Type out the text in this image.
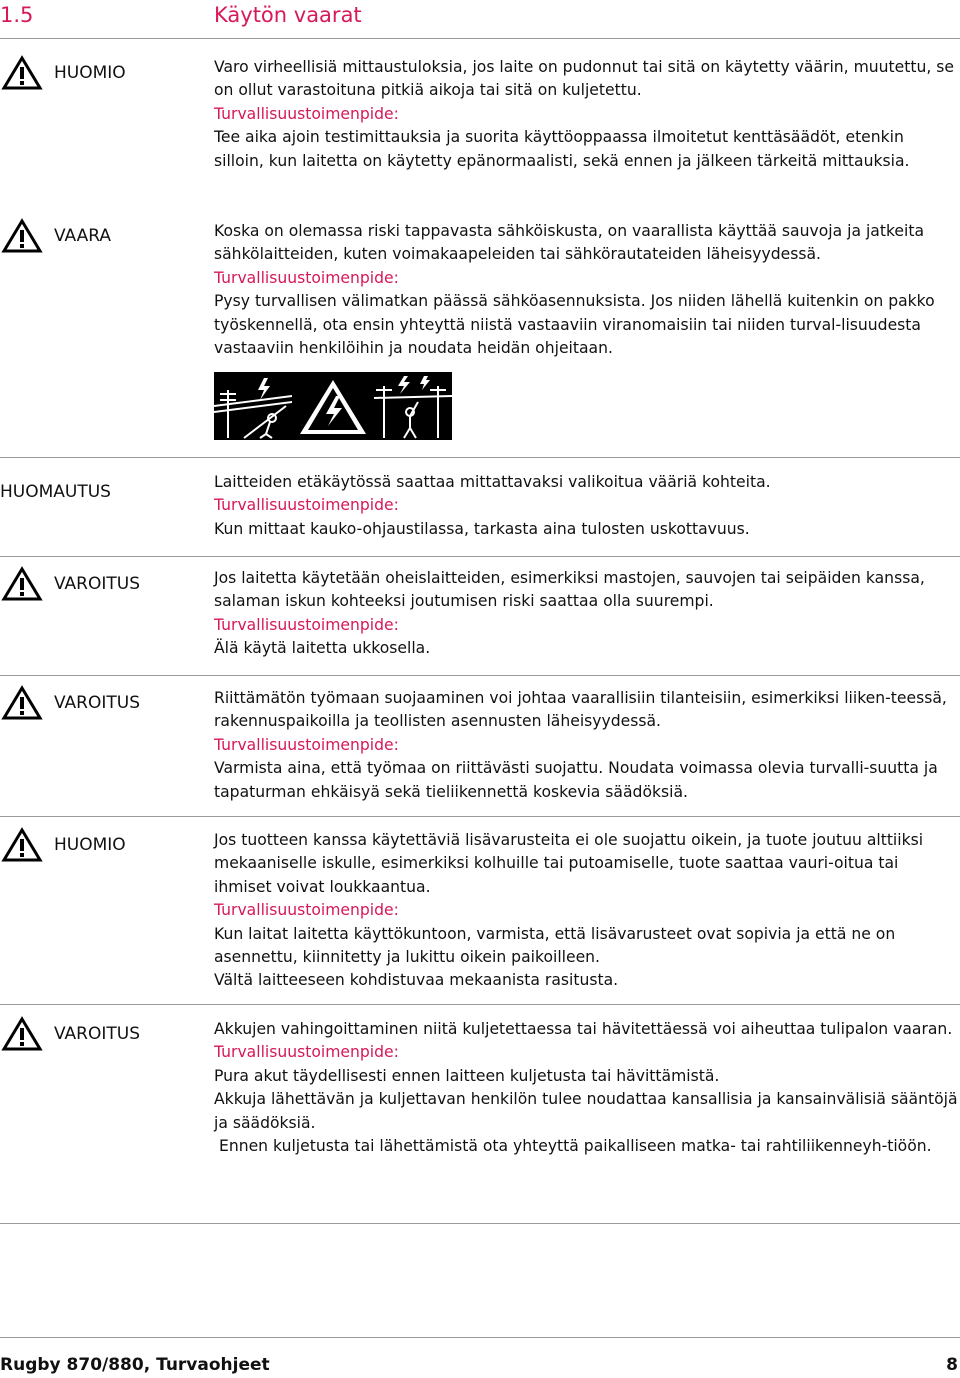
1.5	Käytön vaarat
HUOMIO
VAARA
HUOMAUTUS
VAROITUS
VAROITUS
HUOMIO
VAROITUS

Varo virheellisiä mittaustuloksia, jos laite on pudonnut tai sitä on käytetty väärin, muutettu, se on ollut varastoituna pitkiä aikoja tai sitä on kuljetettu.

Turvallisuustoimenpide:

Tee aika ajoin testimittauksia ja suorita käyttöoppaassa ilmoitetut kenttäsäädöt, etenkin silloin, kun laitetta on käytetty epänormaalisti, sekä ennen ja jälkeen tärkeitä mittauksia.

Koska on olemassa riski tappavasta sähköiskusta, on vaarallista käyttää sauvoja ja jatkeita sähkölaitteiden, kuten voimakaapeleiden tai sähkörautateiden läheisyydessä.

Turvallisuustoimenpide:

Pysy turvallisen välimatkan päässä sähköasennuksista. Jos niiden lähellä kuitenkin on pakko työskennellä, ota ensin yhteyttä niistä vastaaviin viranomaisiin tai niiden turval-lisuudesta vastaaviin henkilöihin ja noudata heidän ohjeitaan.

Laitteiden etäkäytössä saattaa mittattavaksi valikoitua vääriä kohteita.

Turvallisuustoimenpide:

Kun mittaat kauko-ohjaustilassa, tarkasta aina tulosten uskottavuus.

Jos laitetta käytetään oheislaitteiden, esimerkiksi mastojen, sauvojen tai seipäiden kanssa, salaman iskun kohteeksi joutumisen riski saattaa olla suurempi.

Turvallisuustoimenpide:

Älä käytä laitetta ukkosella.

Riittämätön työmaan suojaaminen voi johtaa vaarallisiin tilanteisiin, esimerkiksi liiken-teessä, rakennuspaikoilla ja teollisten asennusten läheisyydessä.

Turvallisuustoimenpide:

Varmista aina, että työmaa on riittävästi suojattu. Noudata voimassa olevia turvalli-suutta ja tapaturman ehkäisyä sekä tieliikennettä koskevia säädöksiä.

Jos tuotteen kanssa käytettäviä lisävarusteita ei ole suojattu oikein, ja tuote joutuu alttiiksi mekaaniselle iskulle, esimerkiksi kolhuille tai putoamiselle, tuote saattaa vauri-oitua tai ihmiset voivat loukkaantua.

Turvallisuustoimenpide:

Kun laitat laitetta käyttökuntoon, varmista, että lisävarusteet ovat sopivia ja että ne on asennettu, kiinnitetty ja lukittu oikein paikoilleen.

Vältä laitteeseen kohdistuvaa mekaanista rasitusta.

Akkujen vahingoittaminen niitä kuljetettaessa tai hävitettäessä voi aiheuttaa tulipalon vaaran.

Turvallisuustoimenpide:

Pura akut täydellisesti ennen laitteen kuljetusta tai hävittämistä.

Akkuja lähettävän ja kuljettavan henkilön tulee noudattaa kansallisia ja kansainvälisiä sääntöjä ja säädöksiä.

Ennen kuljetusta tai lähettämistä ota yhteyttä paikalliseen matka- tai rahtiliikenneyh-tiöön.

Rugby 870/880, Turvaohjeet	8
